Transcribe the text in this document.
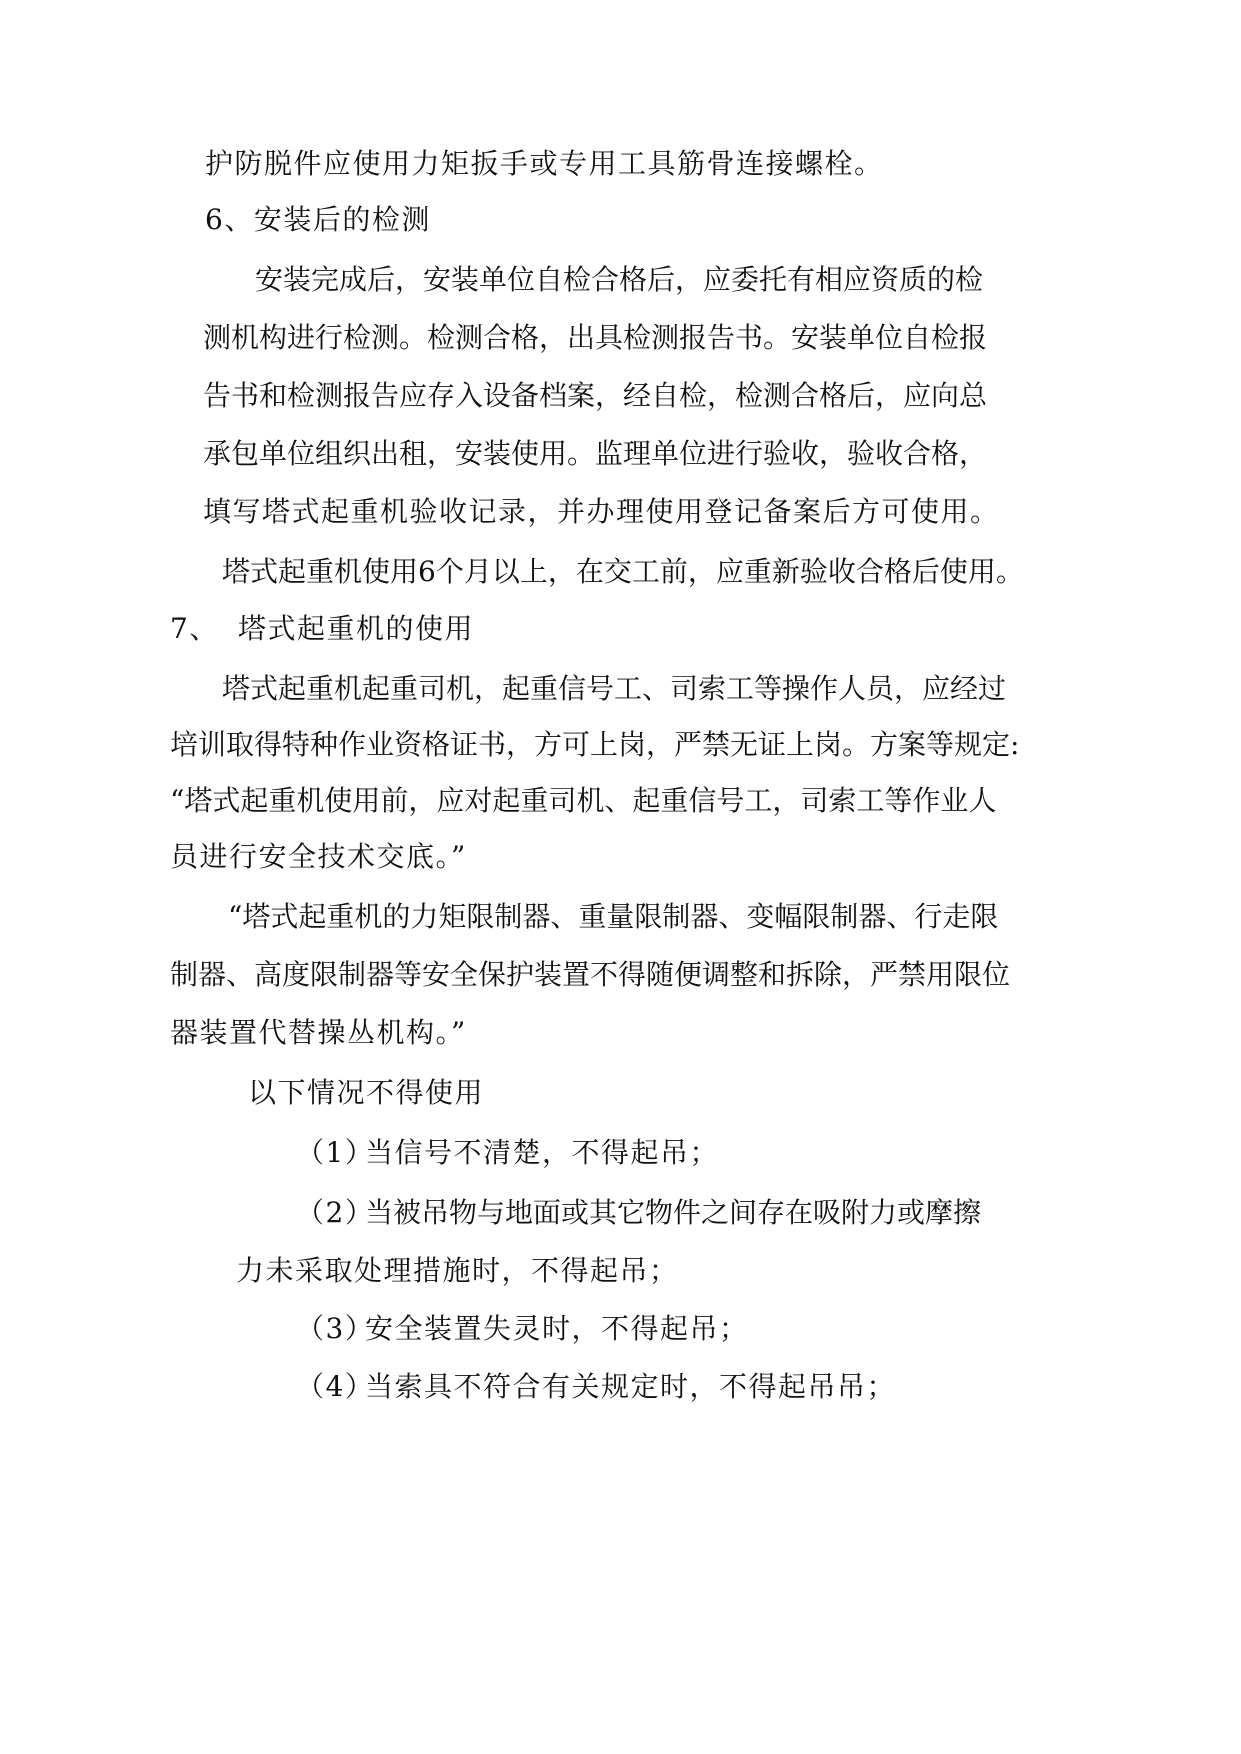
护防脱件应使用力矩扳手或专用工具筋骨连接螺栓。
6、安装后的检测
安装完成后，安装单位自检合格后，应委托有相应资质的检
测机构进行检测。检测合格，出具检测报告书。安装单位自检报
告书和检测报告应存入设备档案，经自检，检测合格后，应向总
承包单位组织出租，安装使用。监理单位进行验收，验收合格，
填写塔式起重机验收记录，并办理使用登记备案后方可使用。
塔式起重机使用6个月以上，在交工前，应重新验收合格后使用。
7、 塔式起重机的使用
塔式起重机起重司机，起重信号工、司索工等操作人员，应经过
培训取得特种作业资格证书，方可上岗，严禁无证上岗。方案等规定:
“塔式起重机使用前，应对起重司机、起重信号工，司索工等作业人
员进行安全技术交底。”
“塔式起重机的力矩限制器、重量限制器、变幅限制器、行走限
制器、高度限制器等安全保护装置不得随便调整和拆除，严禁用限位
器装置代替操丛机构。”
以下情况不得使用
（1）
当信号不清楚，不得起吊；
（2）
当被吊物与地面或其它物件之间存在吸附力或摩擦
力未采取处理措施时，不得起吊；
（3）
安全装置失灵时，不得起吊；
（4）
当索具不符合有关规定时，不得起吊吊；
